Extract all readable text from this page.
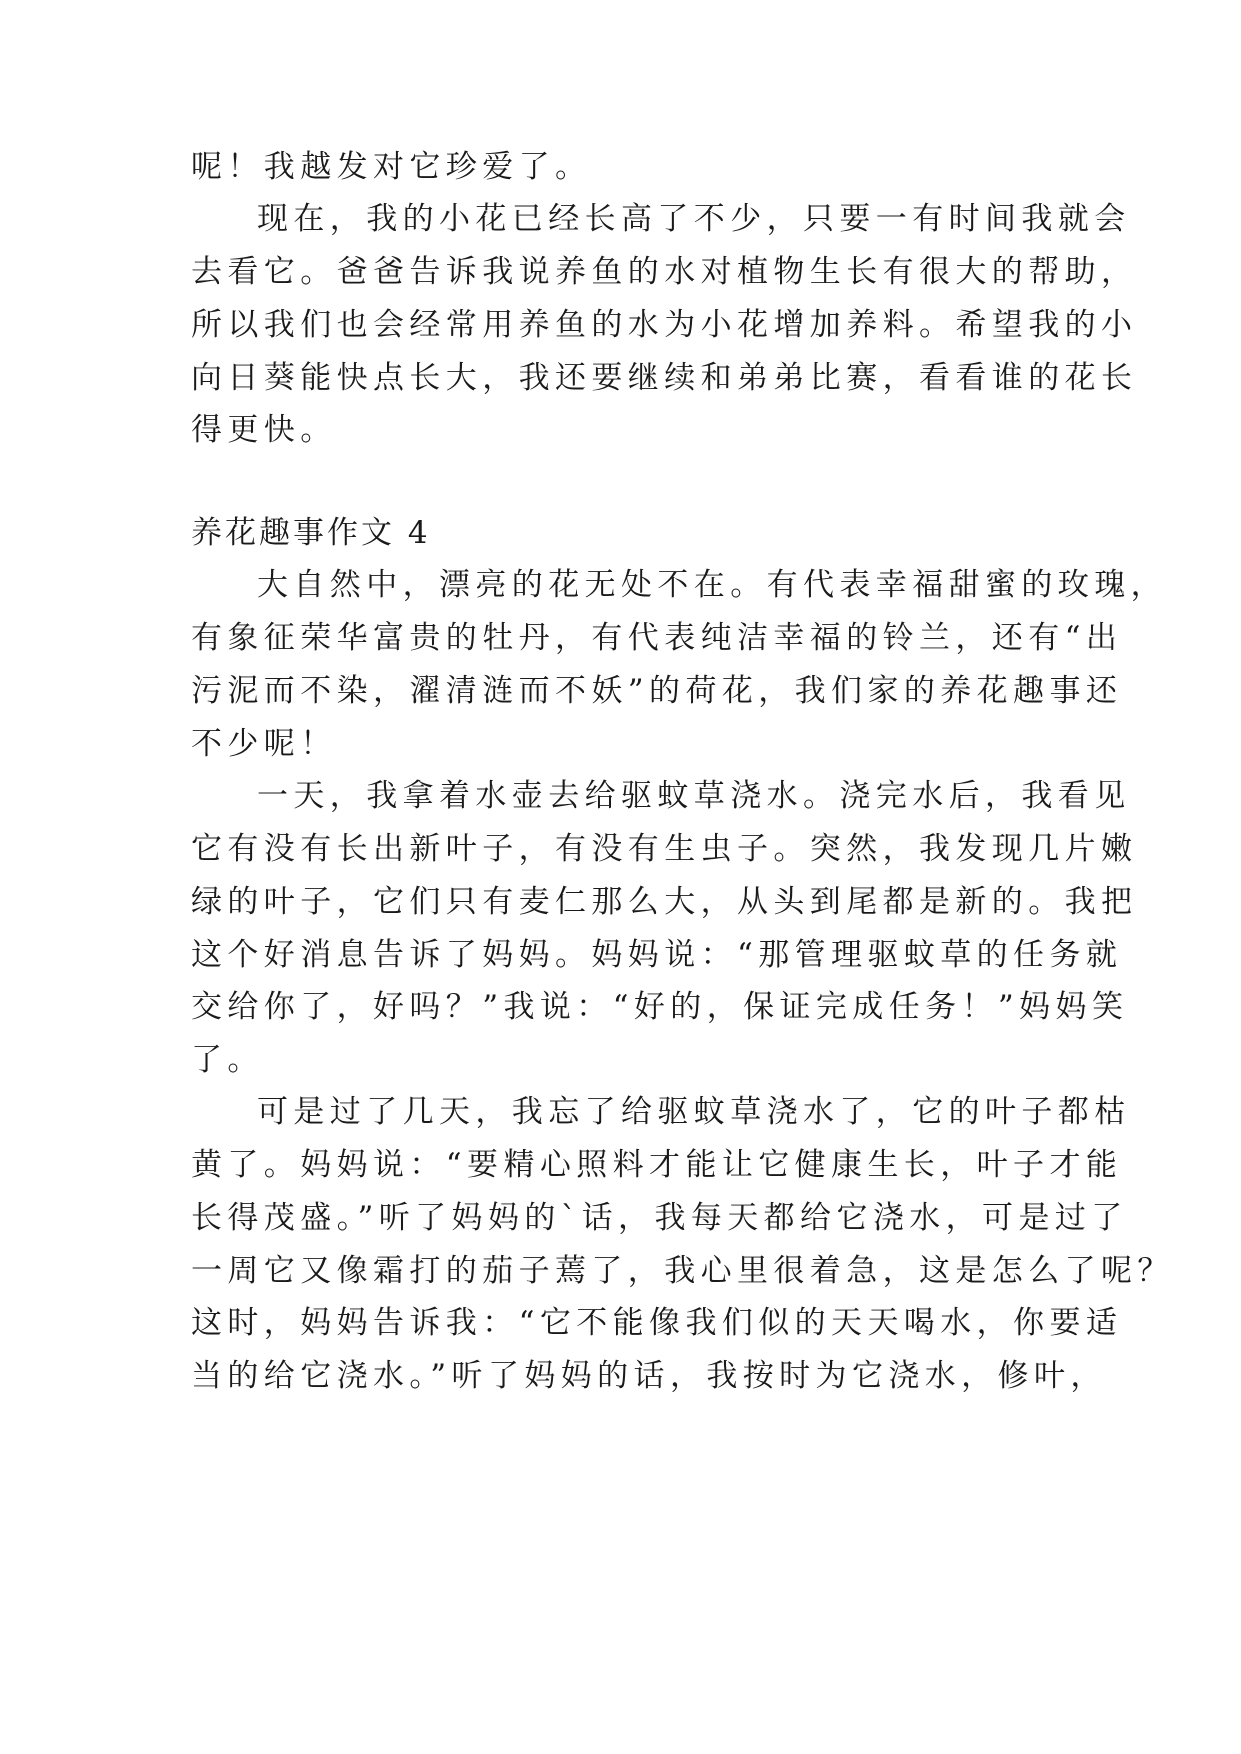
呢！我越发对它珍爱了。
现在，我的小花已经长高了不少，只要一有时间我就会
去看它。爸爸告诉我说养鱼的水对植物生长有很大的帮助，
所以我们也会经常用养鱼的水为小花增加养料。希望我的小
向日葵能快点长大，我还要继续和弟弟比赛，看看谁的花长
得更快。
养花趣事作文 4
大自然中，漂亮的花无处不在。有代表幸福甜蜜的玫瑰，
有象征荣华富贵的牡丹，有代表纯洁幸福的铃兰，还有“出
污泥而不染，濯清涟而不妖”的荷花，我们家的养花趣事还
不少呢！
一天，我拿着水壶去给驱蚊草浇水。浇完水后，我看见
它有没有长出新叶子，有没有生虫子。突然，我发现几片嫩
绿的叶子，它们只有麦仁那么大，从头到尾都是新的。我把
这个好消息告诉了妈妈。妈妈说：“那管理驱蚊草的任务就
交给你了，好吗？”我说：“好的，保证完成任务！”妈妈笑
了。
可是过了几天，我忘了给驱蚊草浇水了，它的叶子都枯
黄了。妈妈说：“要精心照料才能让它健康生长，叶子才能
长得茂盛。”听了妈妈的`话，我每天都给它浇水，可是过了
一周它又像霜打的茄子蔫了，我心里很着急，这是怎么了呢？
这时，妈妈告诉我：“它不能像我们似的天天喝水，你要适
当的给它浇水。”听了妈妈的话，我按时为它浇水，修叶，
